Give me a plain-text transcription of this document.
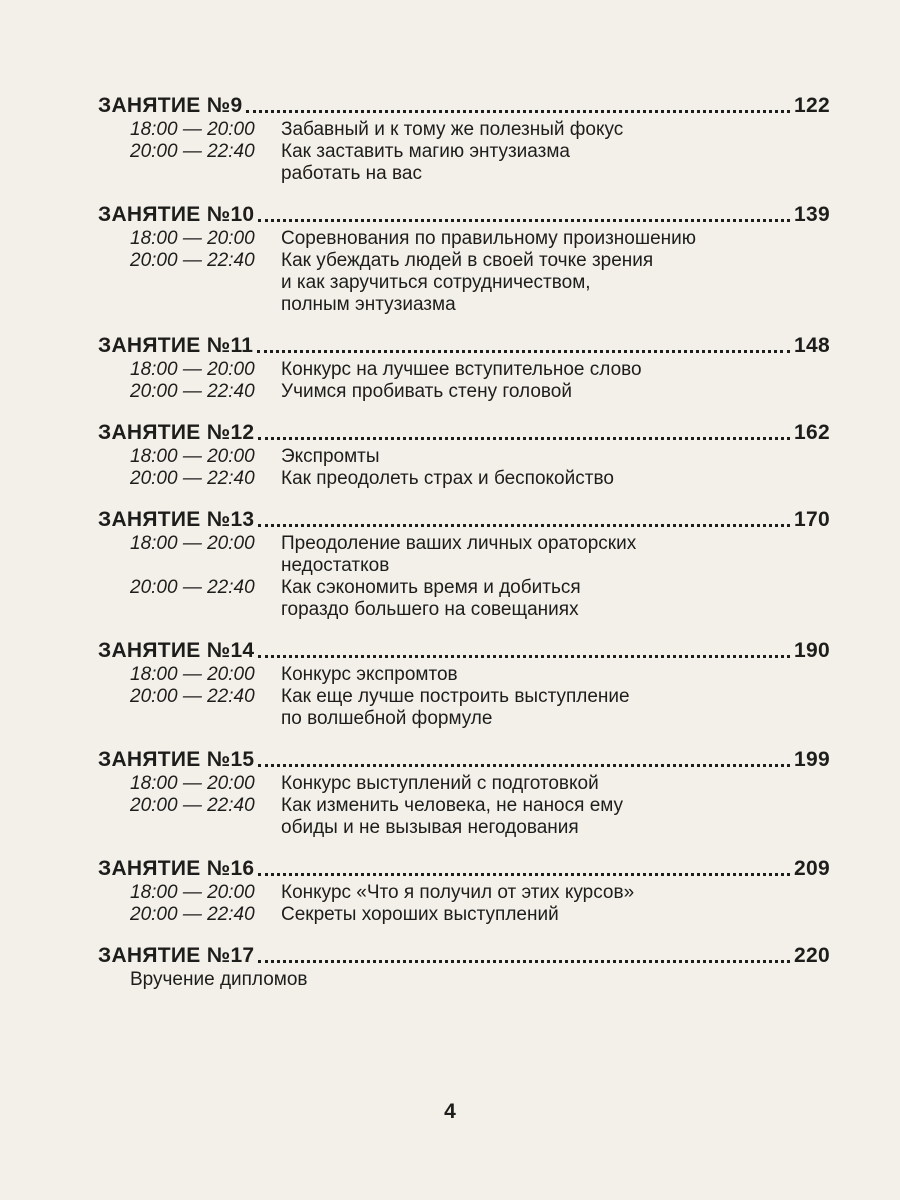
ЗАНЯТИЕ №9	122
18:00 — 20:00	Забавный и к тому же полезный фокус
20:00 — 22:40	Как заставить магию энтузиазма
работать на вас
ЗАНЯТИЕ №10	139
18:00 — 20:00	Соревнования по правильному произношению
20:00 — 22:40	Как убеждать людей в своей точке зрения
и как заручиться сотрудничеством,
полным энтузиазма
ЗАНЯТИЕ №11	148
18:00 — 20:00	Конкурс на лучшее вступительное слово
20:00 — 22:40	Учимся пробивать стену головой
ЗАНЯТИЕ №12	162
18:00 — 20:00	Экспромты
20:00 — 22:40	Как преодолеть страх и беспокойство
ЗАНЯТИЕ №13	170
18:00 — 20:00	Преодоление ваших личных ораторских
недостатков
20:00 — 22:40	Как сэкономить время и добиться
гораздо большего на совещаниях
ЗАНЯТИЕ №14	190
18:00 — 20:00	Конкурс экспромтов
20:00 — 22:40	Как еще лучше построить выступление
по волшебной формуле
ЗАНЯТИЕ №15	199
18:00 — 20:00	Конкурс выступлений с подготовкой
20:00 — 22:40	Как изменить человека, не нанося ему
обиды и не вызывая негодования
ЗАНЯТИЕ №16	209
18:00 — 20:00	Конкурс «Что я получил от этих курсов»
20:00 — 22:40	Секреты хороших выступлений
ЗАНЯТИЕ №17	220
Вручение дипломов
4
